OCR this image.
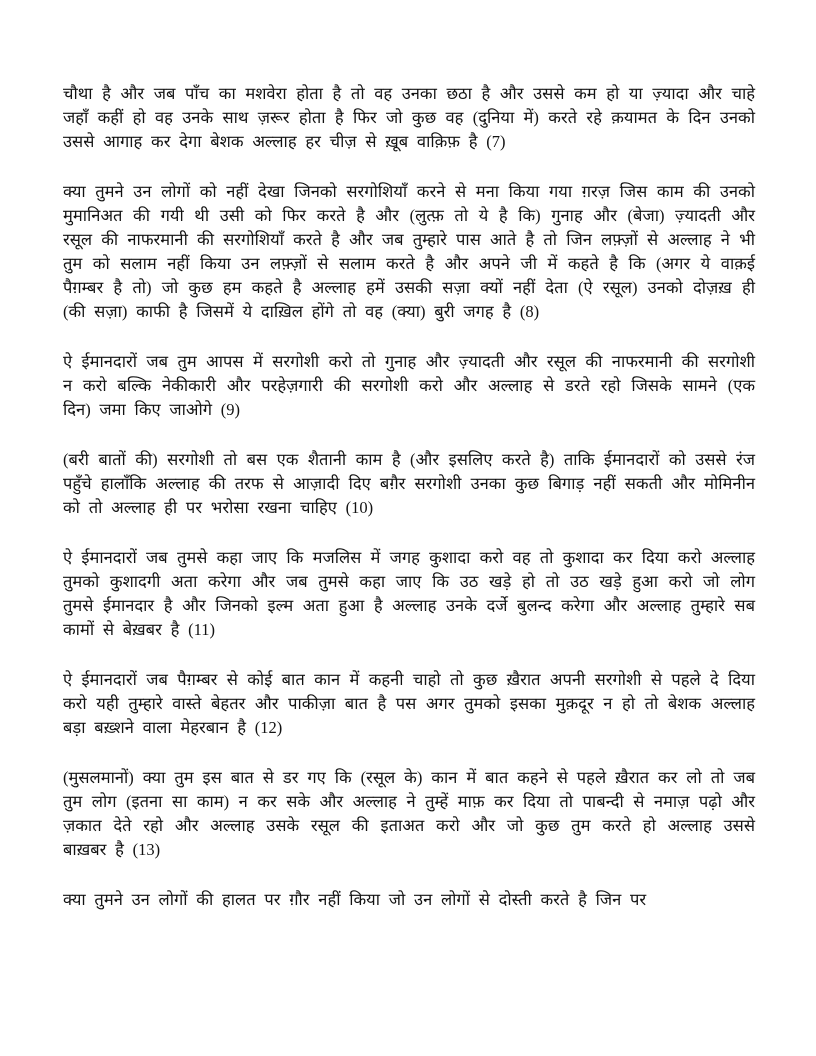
चौथा है और जब पाँच का मशवेरा होता है तो वह उनका छठा है और उससे कम हो या ज़्यादा और चाहे जहाँ कहीं हो वह उनके साथ ज़रूर होता है फिर जो कुछ वह (दुनिया में) करते रहे क़यामत के दिन उनको उससे आगाह कर देगा बेशक अल्लाह हर चीज़ से ख़ूब वाक़िफ़ है (7)

क्या तुमने उन लोगों को नहीं देखा जिनको सरगोशियाँ करने से मना किया गया ग़रज़ जिस काम की उनको मुमानिअत की गयी थी उसी को फिर करते है और (लुत्फ़ तो ये है कि) गुनाह और (बेजा) ज़्यादती और रसूल की नाफरमानी की सरगोशियाँ करते है और जब तुम्हारे पास आते है तो जिन लफ़्ज़ों से अल्लाह ने भी तुम को सलाम नहीं किया उन लफ़्ज़ों से सलाम करते है और अपने जी में कहते है कि (अगर ये वाक़ई पैग़म्बर है तो) जो कुछ हम कहते है अल्लाह हमें उसकी सज़ा क्यों नहीं देता (ऐ रसूल) उनको दोज़ख़ ही (की सज़ा) काफी है जिसमें ये दाख़िल होंगे तो वह (क्या) बुरी जगह है (8)

ऐ ईमानदारों जब तुम आपस में सरगोशी करो तो गुनाह और ज़्यादती और रसूल की नाफरमानी की सरगोशी न करो बल्कि नेकीकारी और परहेज़गारी की सरगोशी करो और अल्लाह से डरते रहो जिसके सामने (एक दिन) जमा किए जाओगे (9)

(बरी बातों की) सरगोशी तो बस एक शैतानी काम है (और इसलिए करते है) ताकि ईमानदारों को उससे रंज पहुँचे हालाँकि अल्लाह की तरफ से आज़ादी दिए बग़ैर सरगोशी उनका कुछ बिगाड़ नहीं सकती और मोमिनीन को तो अल्लाह ही पर भरोसा रखना चाहिए (10)

ऐ ईमानदारों जब तुमसे कहा जाए कि मजलिस में जगह कुशादा करो वह तो कुशादा कर दिया करो अल्लाह तुमको कुशादगी अता करेगा और जब तुमसे कहा जाए कि उठ खड़े हो तो उठ खड़े हुआ करो जो लोग तुमसे ईमानदार है और जिनको इल्म अता हुआ है अल्लाह उनके दर्जे बुलन्द करेगा और अल्लाह तुम्हारे सब कामों से बेख़बर है (11)

ऐ ईमानदारों जब पैग़म्बर से कोई बात कान में कहनी चाहो तो कुछ ख़ैरात अपनी सरगोशी से पहले दे दिया करो यही तुम्हारे वास्ते बेहतर और पाकीज़ा बात है पस अगर तुमको इसका मुक़दूर न हो तो बेशक अल्लाह बड़ा बख़्शने वाला मेहरबान है (12)

(मुसलमानों) क्या तुम इस बात से डर गए कि (रसूल के) कान में बात कहने से पहले ख़ैरात कर लो तो जब तुम लोग (इतना सा काम) न कर सके और अल्लाह ने तुम्हें माफ़ कर दिया तो पाबन्दी से नमाज़ पढ़ो और ज़कात देते रहो और अल्लाह उसके रसूल की इताअत करो और जो कुछ तुम करते हो अल्लाह उससे बाख़बर है (13)

क्या तुमने उन लोगों की हालत पर ग़ौर नहीं किया जो उन लोगों से दोस्ती करते है जिन पर
